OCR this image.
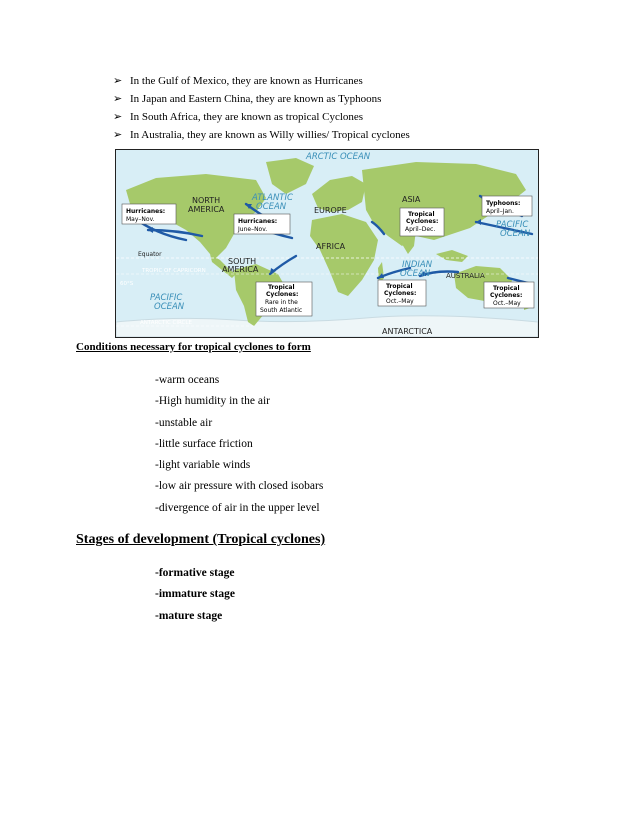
➢ In the Gulf of Mexico, they are known as Hurricanes
➢ In Japan and Eastern China, they are known as Typhoons
➢ In South Africa, they are known as tropical Cyclones
➢ In Australia, they are known as Willy willies/ Tropical cyclones
ARCTIC OCEAN
ATLANTIC
OCEAN
PACIFIC
OCEAN
INDIAN
OCEAN
PACIFIC
OCEAN
NORTH
AMERICA
SOUTH
AMERICA
EUROPE
ASIA
AFRICA
AUSTRALIA
ANTARCTICA
Equator
TROPIC OF CAPRICORN
ANTARCTIC CIRCLE
60°S
Hurricanes:
May–Nov.	Hurricanes:
June–Nov.
Tropical
Cyclones:
April–Dec.
Typhoons:
April–Jan.
Tropical
Cyclones:
Rare in the
South Atlantic
Tropical
Cyclones:
Oct.–May
Tropical
Cyclones:
Oct.–May
Conditions necessary for tropical cyclones to form
-warm oceans
-High humidity in the air
-unstable air
-little surface friction
-light variable winds
-low air pressure with closed isobars
-divergence of air in the upper level
Stages of development (Tropical cyclones)
-formative stage
-immature stage
-mature stage
